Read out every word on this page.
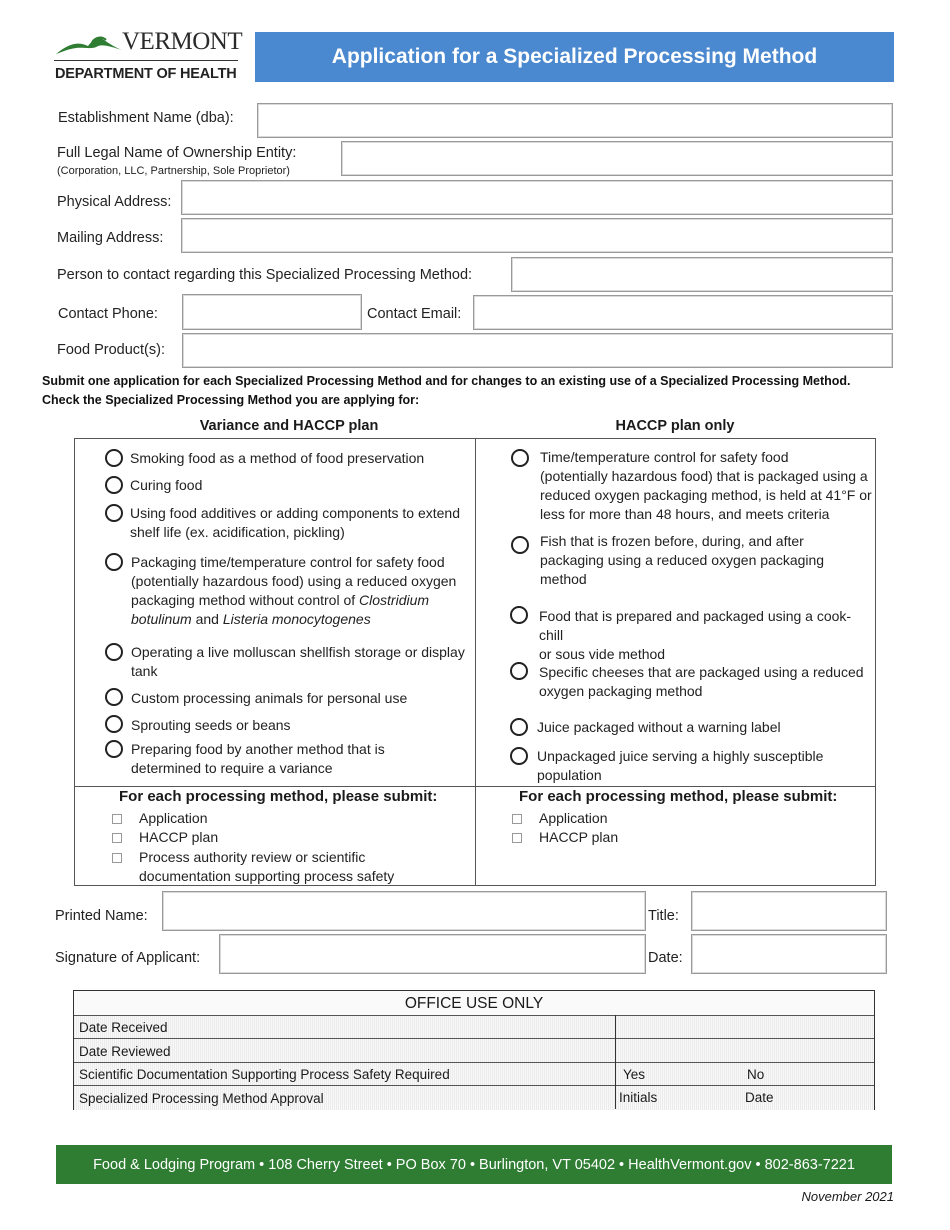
VERMONT
DEPARTMENT OF HEALTH
Application for a Specialized Processing Method
Establishment Name (dba):
Full Legal Name of Ownership Entity:
(Corporation, LLC, Partnership, Sole Proprietor)
Physical Address:
Mailing Address:
Person to contact regarding this Specialized Processing Method:
Contact Phone:	Contact Email:
Food Product(s):
Submit one application for each Specialized Processing Method and for changes to an existing use of a Specialized Processing Method.
Check the Specialized Processing Method you are applying for:
Variance and HACCP plan	HACCP plan only
Smoking food as a method of food preservation
Curing food
Using food additives or adding components to extend
shelf life (ex. acidification, pickling)
Packaging time/temperature control for safety food
(potentially hazardous food) using a reduced oxygen
packaging method without control of Clostridium
botulinum and Listeria monocytogenes
Operating a live molluscan shellfish storage or display
tank
Custom processing animals for personal use
Sprouting seeds or beans
Preparing food by another method that is
determined to require a variance
Time/temperature control for safety food
(potentially hazardous food) that is packaged using a
reduced oxygen packaging method, is held at 41°F or
less for more than 48 hours, and meets criteria
Fish that is frozen before, during, and after
packaging using a reduced oxygen packaging
method
Food that is prepared and packaged using a cook-chill
or sous vide method
Specific cheeses that are packaged using a reduced
oxygen packaging method
Juice packaged without a warning label
Unpackaged juice serving a highly susceptible
population
For each processing method, please submit:
Application
HACCP plan
Process authority review or scientific
documentation supporting process safety
For each processing method, please submit:
Application
HACCP plan
Printed Name:	Title:
Signature of Applicant:	Date:
OFFICE USE ONLY
Date Received
Date Reviewed
Scientific Documentation Supporting Process Safety Required	Yes	No
Specialized Processing Method Approval	Initials	Date
Food & Lodging Program • 108 Cherry Street • PO Box 70 • Burlington, VT 05402 • HealthVermont.gov • 802-863-7221
November 2021
